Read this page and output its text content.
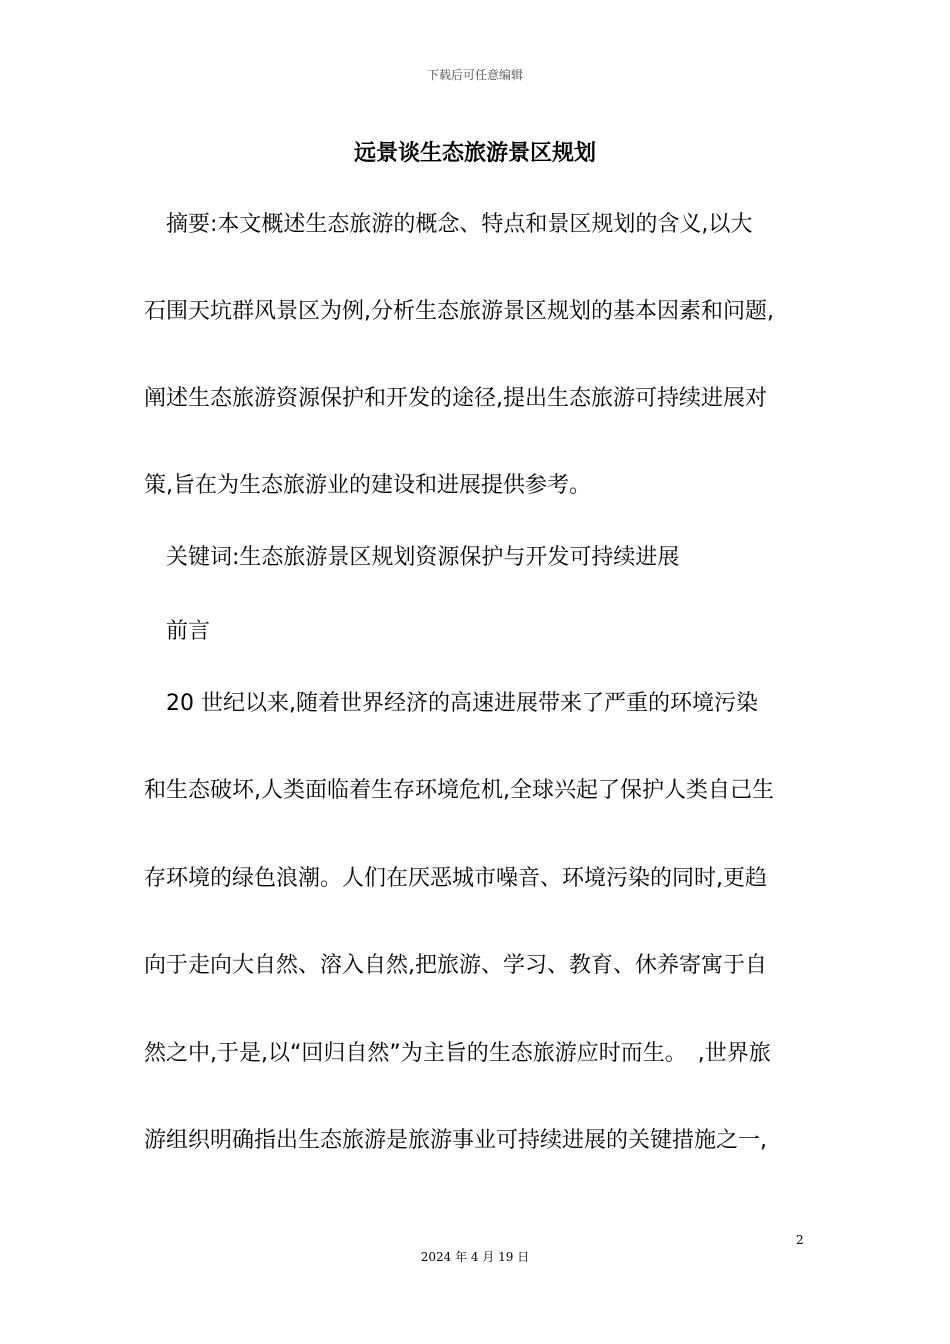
下载后可任意编辑
远景谈生态旅游景区规划
　摘要:本文概述生态旅游的概念、特点和景区规划的含义,以大
石围天坑群风景区为例,分析生态旅游景区规划的基本因素和问题,
阐述生态旅游资源保护和开发的途径,提出生态旅游可持续进展对
策,旨在为生态旅游业的建设和进展提供参考。
　关键词:生态旅游景区规划资源保护与开发可持续进展
　前言
　20 世纪以来,随着世界经济的高速进展带来了严重的环境污染
和生态破坏,人类面临着生存环境危机,全球兴起了保护人类自己生
存环境的绿色浪潮。人们在厌恶城市噪音、环境污染的同时,更趋
向于走向大自然、溶入自然,把旅游、学习、教育、休养寄寓于自
然之中,于是,以“回归自然”为主旨的生态旅游应时而生。　,世界旅
游组织明确指出生态旅游是旅游事业可持续进展的关键措施之一,
2
2024 年 4 月 19 日
